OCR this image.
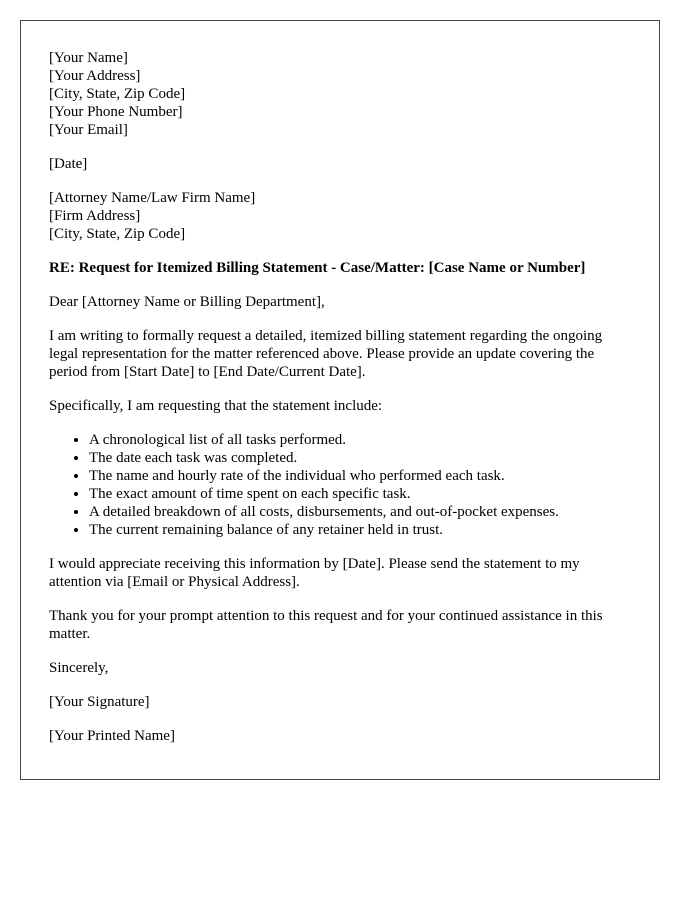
[Your Name]
[Your Address]
[City, State, Zip Code]
[Your Phone Number]
[Your Email]

[Date]

[Attorney Name/Law Firm Name]
[Firm Address]
[City, State, Zip Code]

RE: Request for Itemized Billing Statement - Case/Matter: [Case Name or Number]

Dear [Attorney Name or Billing Department],

I am writing to formally request a detailed, itemized billing statement regarding the ongoing legal representation for the matter referenced above. Please provide an update covering the period from [Start Date] to [End Date/Current Date].

Specifically, I am requesting that the statement include:

• A chronological list of all tasks performed.
• The date each task was completed.
• The name and hourly rate of the individual who performed each task.
• The exact amount of time spent on each specific task.
• A detailed breakdown of all costs, disbursements, and out-of-pocket expenses.
• The current remaining balance of any retainer held in trust.

I would appreciate receiving this information by [Date]. Please send the statement to my attention via [Email or Physical Address].

Thank you for your prompt attention to this request and for your continued assistance in this matter.

Sincerely,

[Your Signature]

[Your Printed Name]
